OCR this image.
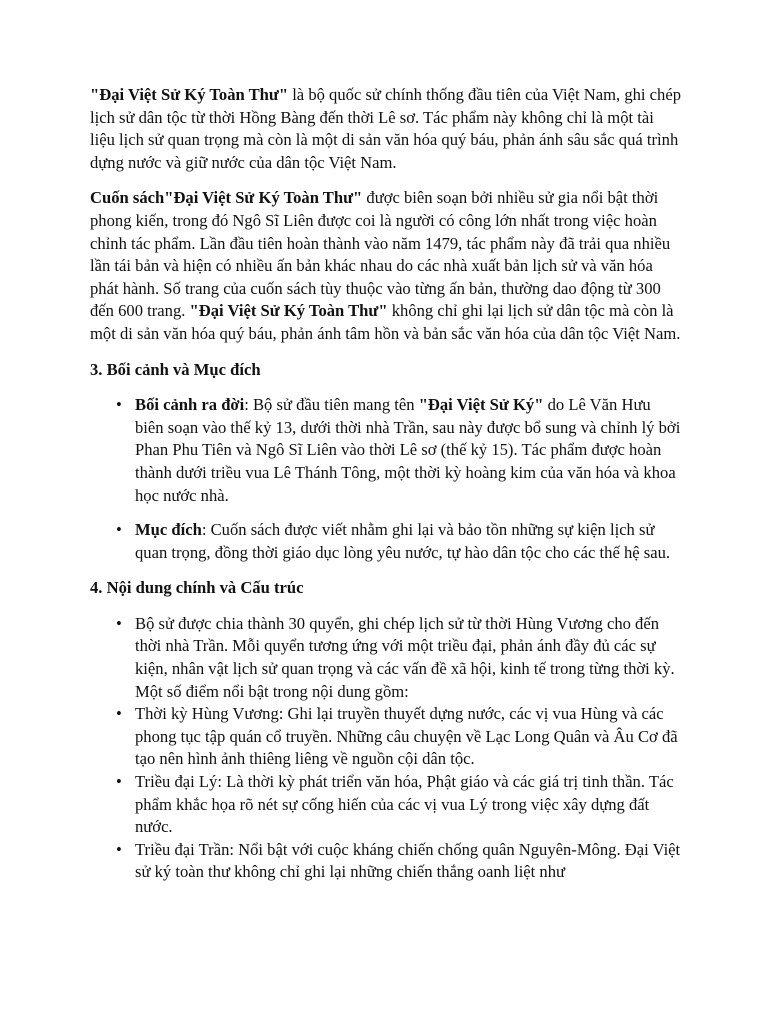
"Đại Việt Sử Ký Toàn Thư" là bộ quốc sử chính thống đầu tiên của Việt Nam, ghi chép lịch sử dân tộc từ thời Hồng Bàng đến thời Lê sơ. Tác phẩm này không chỉ là một tài liệu lịch sử quan trọng mà còn là một di sản văn hóa quý báu, phản ánh sâu sắc quá trình dựng nước và giữ nước của dân tộc Việt Nam.

Cuốn sách"Đại Việt Sử Ký Toàn Thư" được biên soạn bởi nhiều sử gia nổi bật thời phong kiến, trong đó Ngô Sĩ Liên được coi là người có công lớn nhất trong việc hoàn chỉnh tác phẩm. Lần đầu tiên hoàn thành vào năm 1479, tác phẩm này đã trải qua nhiều lần tái bản và hiện có nhiều ấn bản khác nhau do các nhà xuất bản lịch sử và văn hóa phát hành. Số trang của cuốn sách tùy thuộc vào từng ấn bản, thường dao động từ 300 đến 600 trang. "Đại Việt Sử Ký Toàn Thư" không chỉ ghi lại lịch sử dân tộc mà còn là một di sản văn hóa quý báu, phản ánh tâm hồn và bản sắc văn hóa của dân tộc Việt Nam.

3. Bối cảnh và Mục đích
• Bối cảnh ra đời: Bộ sử đầu tiên mang tên "Đại Việt Sử Ký" do Lê Văn Hưu biên soạn vào thế kỷ 13, dưới thời nhà Trần, sau này được bổ sung và chỉnh lý bởi Phan Phu Tiên và Ngô Sĩ Liên vào thời Lê sơ (thế kỷ 15). Tác phẩm được hoàn thành dưới triều vua Lê Thánh Tông, một thời kỳ hoàng kim của văn hóa và khoa học nước nhà.
• Mục đích: Cuốn sách được viết nhằm ghi lại và bảo tồn những sự kiện lịch sử quan trọng, đồng thời giáo dục lòng yêu nước, tự hào dân tộc cho các thế hệ sau.
4. Nội dung chính và Cấu trúc
• Bộ sử được chia thành 30 quyển, ghi chép lịch sử từ thời Hùng Vương cho đến thời nhà Trần. Mỗi quyển tương ứng với một triều đại, phản ánh đầy đủ các sự kiện, nhân vật lịch sử quan trọng và các vấn đề xã hội, kinh tế trong từng thời kỳ. Một số điểm nổi bật trong nội dung gồm:
• Thời kỳ Hùng Vương: Ghi lại truyền thuyết dựng nước, các vị vua Hùng và các phong tục tập quán cổ truyền. Những câu chuyện về Lạc Long Quân và Âu Cơ đã tạo nên hình ảnh thiêng liêng về nguồn cội dân tộc.
• Triều đại Lý: Là thời kỳ phát triển văn hóa, Phật giáo và các giá trị tinh thần. Tác phẩm khắc họa rõ nét sự cống hiến của các vị vua Lý trong việc xây dựng đất nước.
• Triều đại Trần: Nổi bật với cuộc kháng chiến chống quân Nguyên-Mông. Đại Việt sử ký toàn thư không chỉ ghi lại những chiến thắng oanh liệt như
